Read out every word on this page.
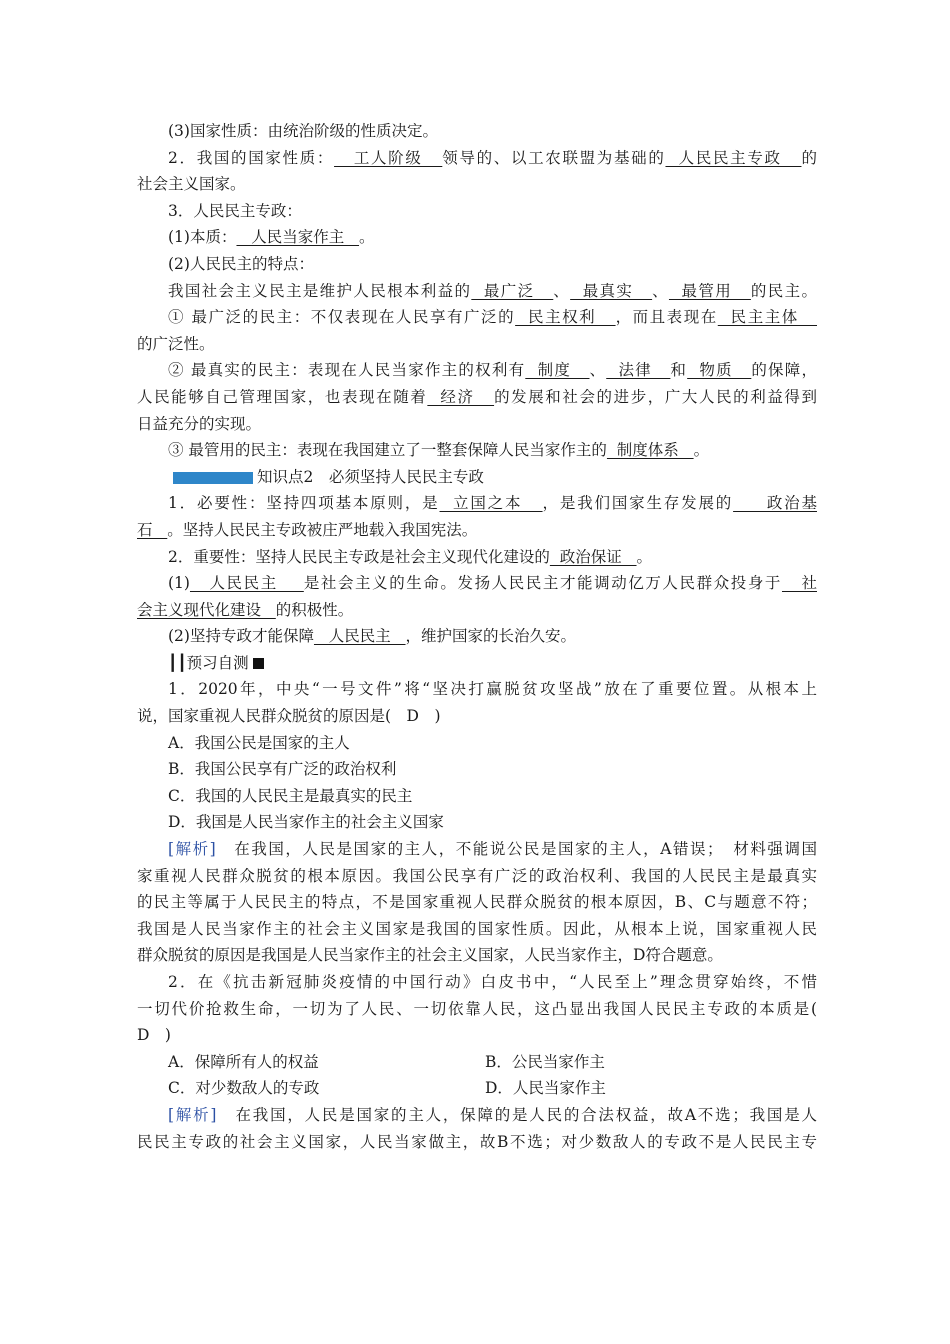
(3)国家性质：由统治阶级的性质决定。
2．我国的国家性质：   工人阶级   领导的、以工农联盟为基础的  人民民主专政   的
社会主义国家。
3．人民民主专政：
(1)本质：   人民当家作主   。
(2)人民民主的特点：
我国社会主义民主是维护人民根本利益的  最广泛   、  最真实   、  最管用   的民主。
① 最广泛的民主：不仅表现在人民享有广泛的  民主权利   ，而且表现在  民主主体
的广泛性。
② 最真实的民主：表现在人民当家作主的权利有  制度   、  法律   和  物质   的保障，
人民能够自己管理国家，也表现在随着  经济   的发展和社会的进步，广大人民的利益得到
日益充分的实现。
③ 最管用的民主：表现在我国建立了一整套保障人民当家作主的  制度体系   。
知识点2　必须坚持人民民主专政
1．必要性：坚持四项基本原则，是  立国之本   ，是我们国家生存发展的     政治基
石   。坚持人民民主专政被庄严地载入我国宪法。
2．重要性：坚持人民民主专政是社会主义现代化建设的  政治保证   。
(1)   人民民主    是社会主义的生命。发扬人民民主才能调动亿万人民群众投身于   社
会主义现代化建设   的积极性。
(2)坚持专政才能保障   人民民主   ，维护国家的长治久安。
┃┃预习自测
1．2020年，中央“一号文件”将“坚决打赢脱贫攻坚战”放在了重要位置。从根本上
说，国家重视人民群众脱贫的原因是(　D　)
A．我国公民是国家的主人
B．我国公民享有广泛的政治权利
C．我国的人民民主是最真实的民主
D．我国是人民当家作主的社会主义国家
[解析]　在我国，人民是国家的主人，不能说公民是国家的主人，A错误；　材料强调国
家重视人民群众脱贫的根本原因。我国公民享有广泛的政治权利、我国的人民民主是最真实
的民主等属于人民民主的特点，不是国家重视人民群众脱贫的根本原因，B、C与题意不符；
我国是人民当家作主的社会主义国家是我国的国家性质。因此，从根本上说，国家重视人民
群众脱贫的原因是我国是人民当家作主的社会主义国家，人民当家作主，D符合题意。
2．在《抗击新冠肺炎疫情的中国行动》白皮书中，“人民至上”理念贯穿始终，不惜
一切代价抢救生命，一切为了人民、一切依靠人民，这凸显出我国人民民主专政的本质是(
D　)
A．保障所有人的权益	B．公民当家作主
C．对少数敌人的专政	D．人民当家作主
[解析]　在我国，人民是国家的主人，保障的是人民的合法权益，故A不选；我国是人
民民主专政的社会主义国家，人民当家做主，故B不选；对少数敌人的专政不是人民民主专
